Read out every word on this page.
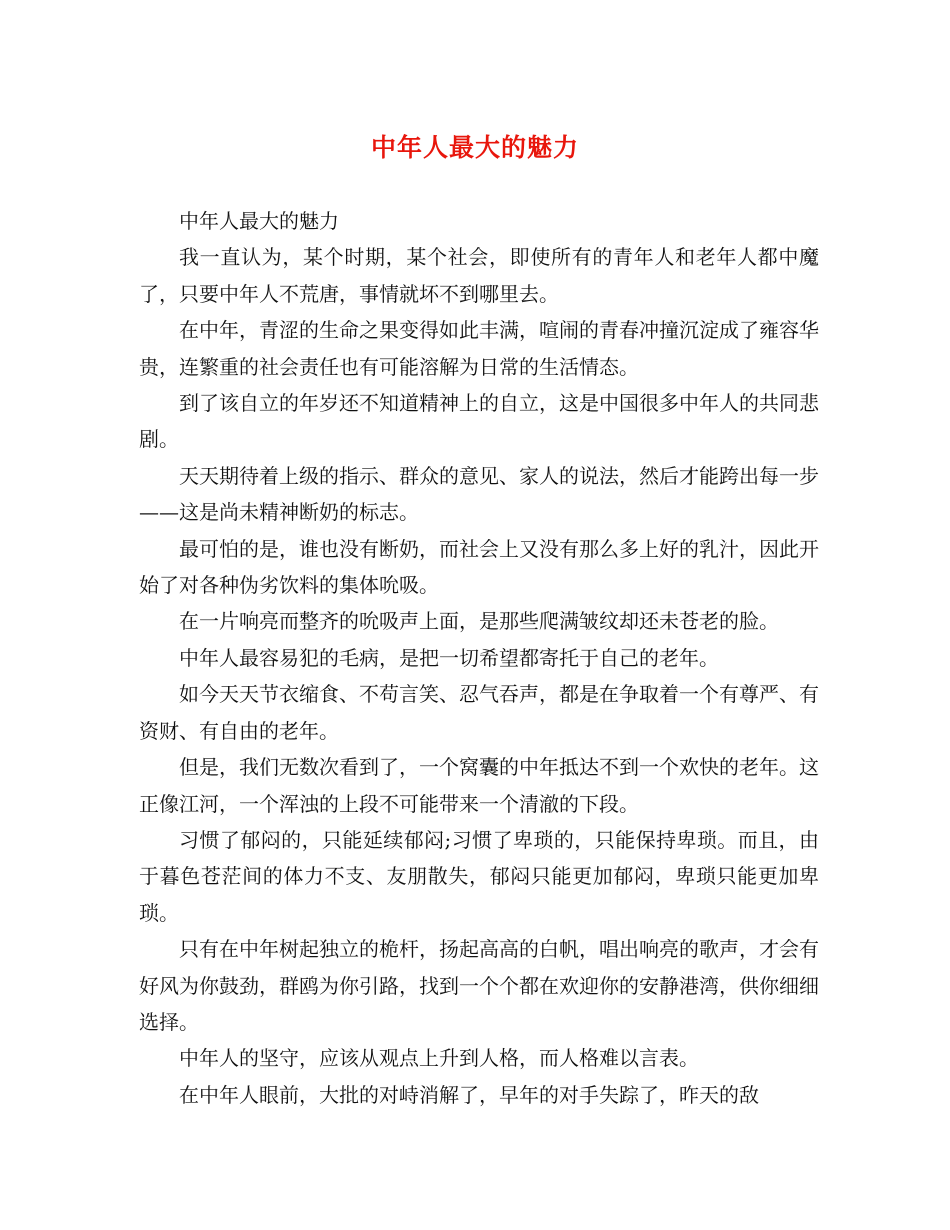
中年人最大的魅力

中年人最大的魅力

我一直认为，某个时期，某个社会，即使所有的青年人和老年人都中魔了，只要中年人不荒唐，事情就坏不到哪里去。

在中年，青涩的生命之果变得如此丰满，喧闹的青春冲撞沉淀成了雍容华贵，连繁重的社会责任也有可能溶解为日常的生活情态。

到了该自立的年岁还不知道精神上的自立，这是中国很多中年人的共同悲剧。

天天期待着上级的指示、群众的意见、家人的说法，然后才能跨出每一步——这是尚未精神断奶的标志。

最可怕的是，谁也没有断奶，而社会上又没有那么多上好的乳汁，因此开始了对各种伪劣饮料的集体吮吸。

在一片响亮而整齐的吮吸声上面，是那些爬满皱纹却还未苍老的脸。

中年人最容易犯的毛病，是把一切希望都寄托于自己的老年。

如今天天节衣缩食、不苟言笑、忍气吞声，都是在争取着一个有尊严、有资财、有自由的老年。

但是，我们无数次看到了，一个窝囊的中年抵达不到一个欢快的老年。这正像江河，一个浑浊的上段不可能带来一个清澈的下段。

习惯了郁闷的，只能延续郁闷;习惯了卑琐的，只能保持卑琐。而且，由于暮色苍茫间的体力不支、友朋散失，郁闷只能更加郁闷，卑琐只能更加卑琐。

只有在中年树起独立的桅杆，扬起高高的白帆，唱出响亮的歌声，才会有好风为你鼓劲，群鸥为你引路，找到一个个都在欢迎你的安静港湾，供你细细选择。

中年人的坚守，应该从观点上升到人格，而人格难以言表。

在中年人眼前，大批的对峙消解了，早年的对手失踪了，昨天的敌
